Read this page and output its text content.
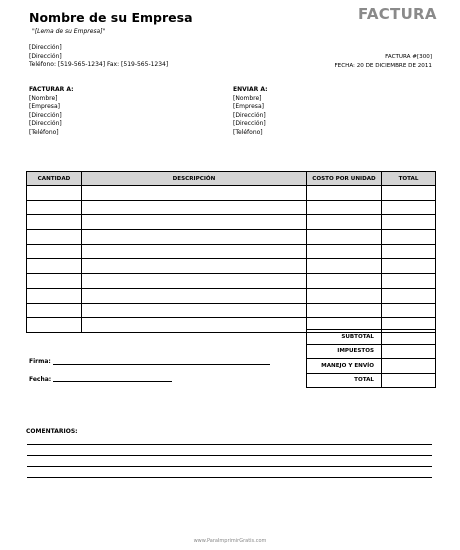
Nombre de su Empresa
"[Lema de su Empresa]"
FACTURA
[Dirección]
[Dirección]
Teléfono: [519-565-1234] Fax: [519-565-1234]
FACTURA #[300]
FECHA: 20 DE DICIEMBRE DE 2011
FACTURAR A:
[Nombre]
[Empresa]
[Dirección]
[Dirección]
[Teléfono]
ENVIAR A:
[Nombre]
[Empresa]
[Dirección]
[Dirección]
[Teléfono]
CANTIDAD	DESCRIPCIÓN	COSTO POR UNIDAD	TOTAL

SUBTOTAL	
IMPUESTOS	
MANEJO Y ENVÍO	
TOTAL	
Firma:
Fecha:
COMENTARIOS:
www.ParaImprimirGratis.com
